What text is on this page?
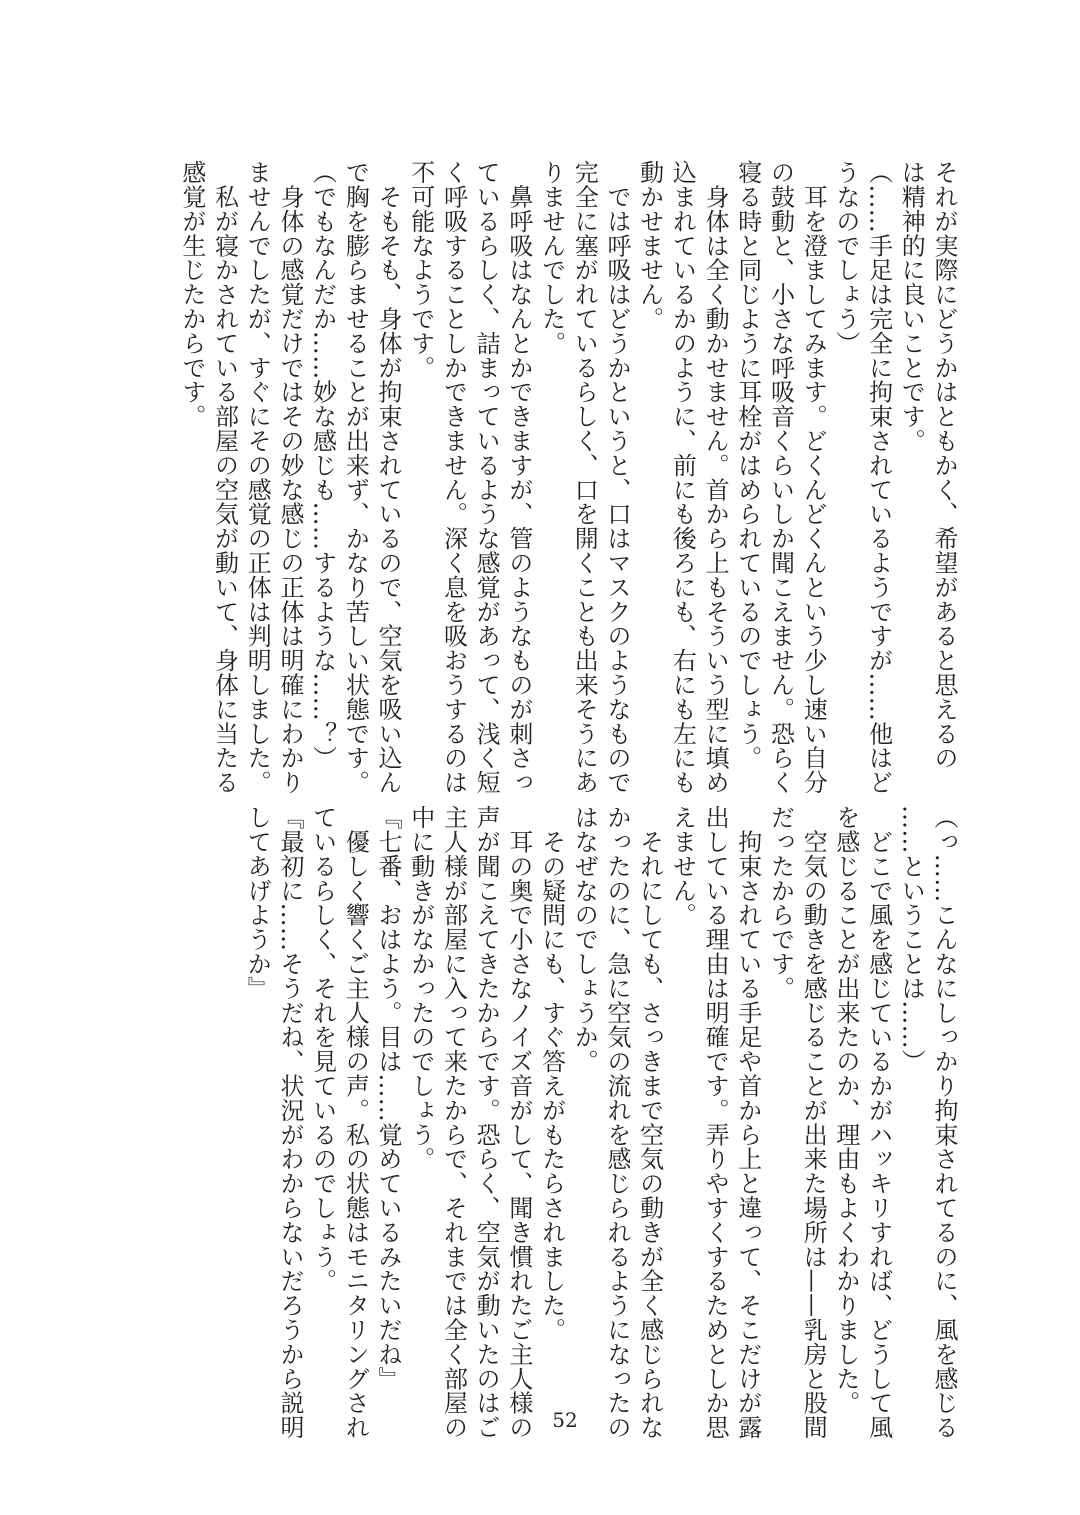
それが実際にどうかはともかく、希望があると思えるの
は精神的に良いことです。
（……手足は完全に拘束されているようですが……他はど
うなのでしょう）
　耳を澄ましてみます。どくんどくんという少し速い自分
の鼓動と、小さな呼吸音くらいしか聞こえません。恐らく
寝る時と同じように耳栓がはめられているのでしょう。
　身体は全く動かせません。首から上もそういう型に填め
込まれているかのように、前にも後ろにも、右にも左にも
動かせません。
　では呼吸はどうかというと、口はマスクのようなもので
完全に塞がれているらしく、口を開くことも出来そうにあ
りませんでした。
　鼻呼吸はなんとかできますが、管のようなものが刺さっ
ているらしく、詰まっているような感覚があって、浅く短
く呼吸することしかできません。深く息を吸おうするのは
不可能なようです。
　そもそも、身体が拘束されているので、空気を吸い込ん
で胸を膨らませることが出来ず、かなり苦しい状態です。
（でもなんだか……妙な感じも……するような……？）
　身体の感覚だけではその妙な感じの正体は明確にわかり
ませんでしたが、すぐにその感覚の正体は判明しました。
　私が寝かされている部屋の空気が動いて、身体に当たる
感覚が生じたからです。
（っ……こんなにしっかり拘束されてるのに、風を感じる
……ということは……）
　どこで風を感じているかがハッキリすれば、どうして風
を感じることが出来たのか、理由もよくわかりました。
　空気の動きを感じることが出来た場所は——乳房と股間
だったからです。
　拘束されている手足や首から上と違って、そこだけが露
出している理由は明確です。弄りやすくするためとしか思
えません。
　それにしても、さっきまで空気の動きが全く感じられな
かったのに、急に空気の流れを感じられるようになったの
はなぜなのでしょうか。
　その疑問にも、すぐ答えがもたらされました。
　耳の奥で小さなノイズ音がして、聞き慣れたご主人様の
声が聞こえてきたからです。恐らく、空気が動いたのはご
主人様が部屋に入って来たからで、それまでは全く部屋の
中に動きがなかったのでしょう。
『七番、おはよう。目は……覚めているみたいだね』
　優しく響くご主人様の声。私の状態はモニタリングされ
ているらしく、それを見ているのでしょう。
『最初に……そうだね、状況がわからないだろうから説明
してあげようか』
52
